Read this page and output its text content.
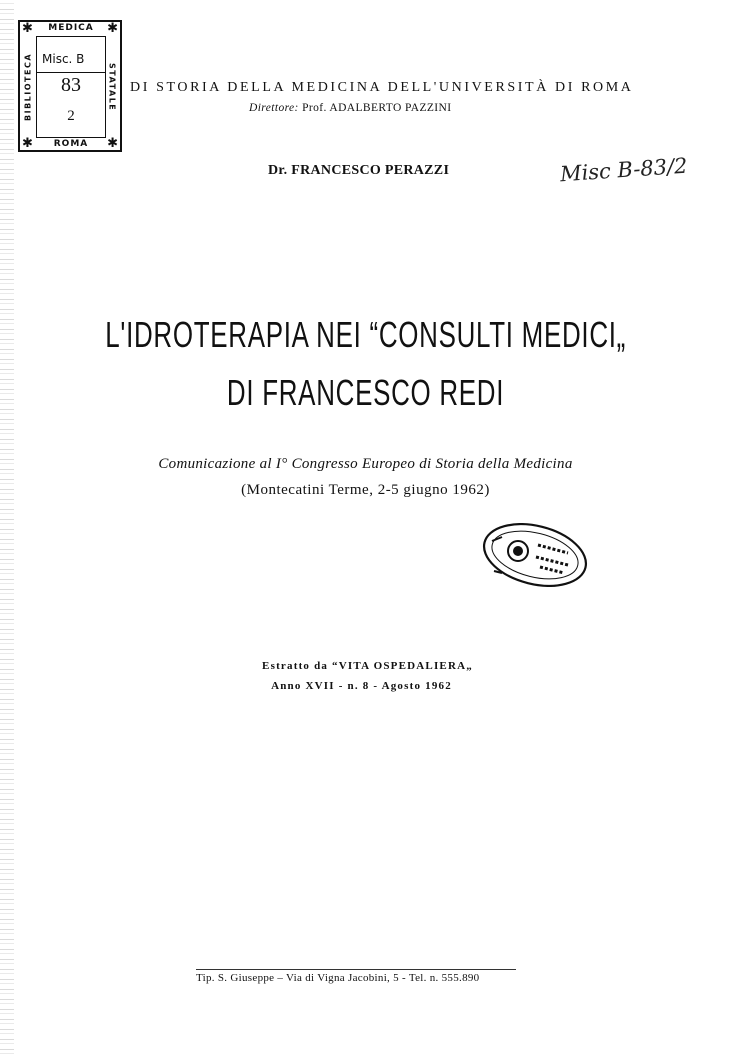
✱	✱
✱	✱
MEDICA
BIBLIOTECA	STATALE
Misc. B
83
2
ROMA
DI STORIA DELLA MEDICINA DELL'UNIVERSITÀ DI ROMA
Direttore: Prof. ADALBERTO PAZZINI
Dr. FRANCESCO PERAZZI	Misc B-83/2
L'IDROTERAPIA NEI “CONSULTI MEDICI„
DI FRANCESCO REDI
Comunicazione al I° Congresso Europeo di Storia della Medicina
(Montecatini Terme, 2-5 giugno 1962)
Estratto da “VITA OSPEDALIERA„
Anno XVII - n. 8 - Agosto 1962
Tip. S. Giuseppe – Via di Vigna Jacobini, 5 - Tel. n. 555.890
